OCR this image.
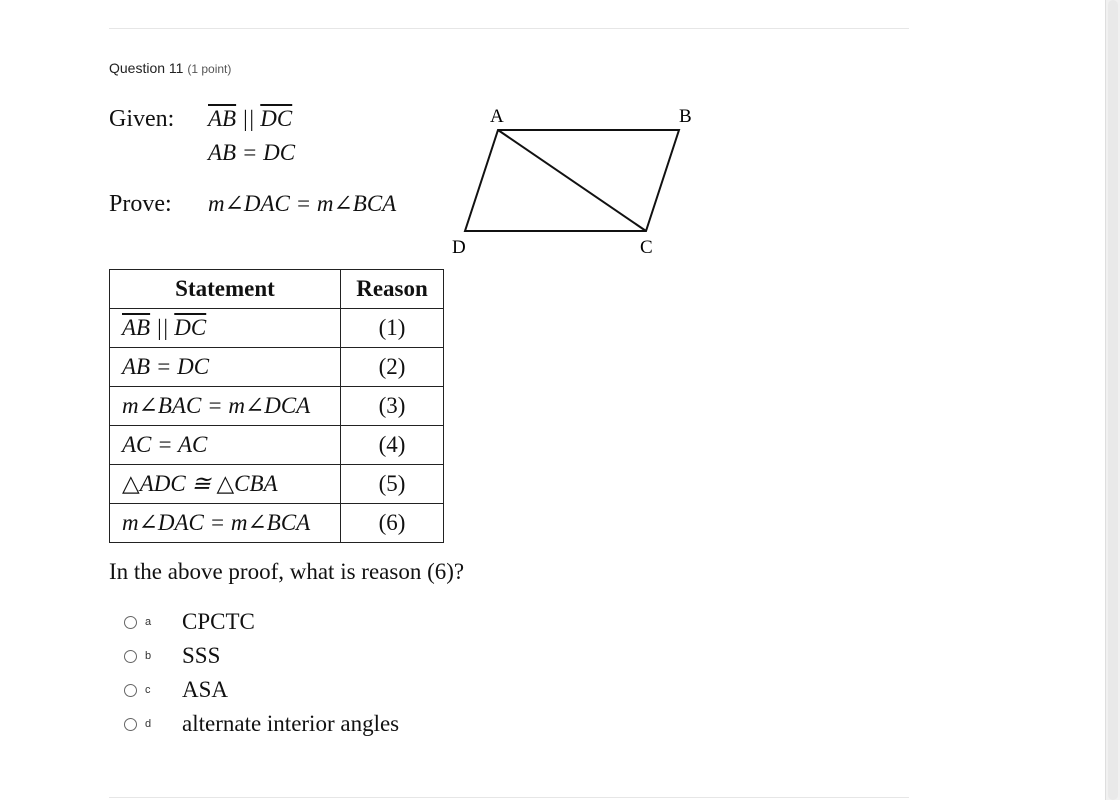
Question 11 (1 point)
Given: $\overline{AB}$ || $\overline{DC}$
AB = DC
Prove: m∠DAC = m∠BCA
A	B
C
D
Statement	Reason
$\overline{AB}$ || $\overline{DC}$	(1)
AB = DC	(2)
m∠BAC = m∠DCA	(3)
AC = AC	(4)
△ADC ≅ △CBA	(5)
m∠DAC = m∠BCA	(6)
In the above proof, what is reason (6)?
a	CPCTC
b	SSS
c	ASA
d	alternate interior angles
